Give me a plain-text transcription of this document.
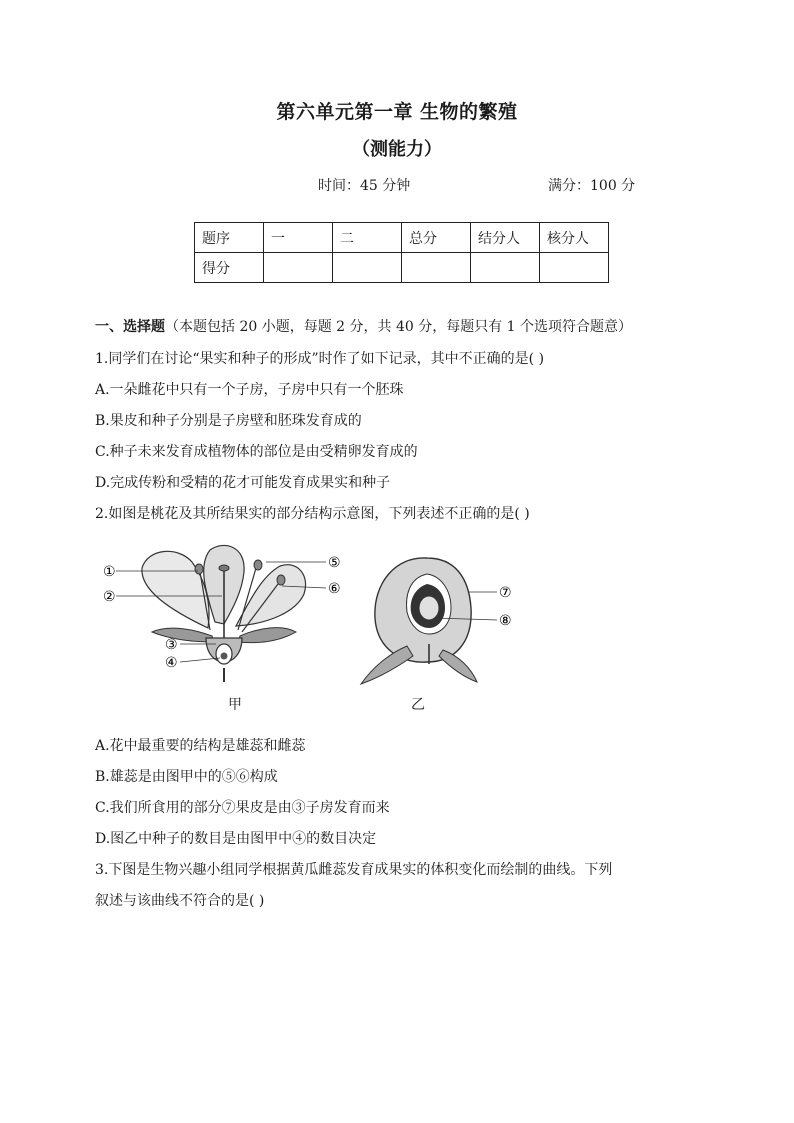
第六单元第一章 生物的繁殖
（测能力）
时间：45 分钟	满分：100 分
题序	一	二	总分	结分人	核分人
得分					
一、选择题（本题包括 20 小题，每题 2 分，共 40 分，每题只有 1 个选项符合题意）
1.同学们在讨论“果实和种子的形成”时作了如下记录，其中不正确的是( )
A.一朵雌花中只有一个子房，子房中只有一个胚珠
B.果皮和种子分别是子房壁和胚珠发育成的
C.种子未来发育成植物体的部位是由受精卵发育成的
D.完成传粉和受精的花才可能发育成果实和种子
2.如图是桃花及其所结果实的部分结构示意图，下列表述不正确的是( )
①
②
③
④
⑤
⑥
甲
⑦
⑧
乙
A.花中最重要的结构是雄蕊和雌蕊
B.雄蕊是由图甲中的⑤⑥构成
C.我们所食用的部分⑦果皮是由③子房发育而来
D.图乙中种子的数目是由图甲中④的数目决定
3.下图是生物兴趣小组同学根据黄瓜雌蕊发育成果实的体积变化而绘制的曲线。下列
叙述与该曲线不符合的是( )
